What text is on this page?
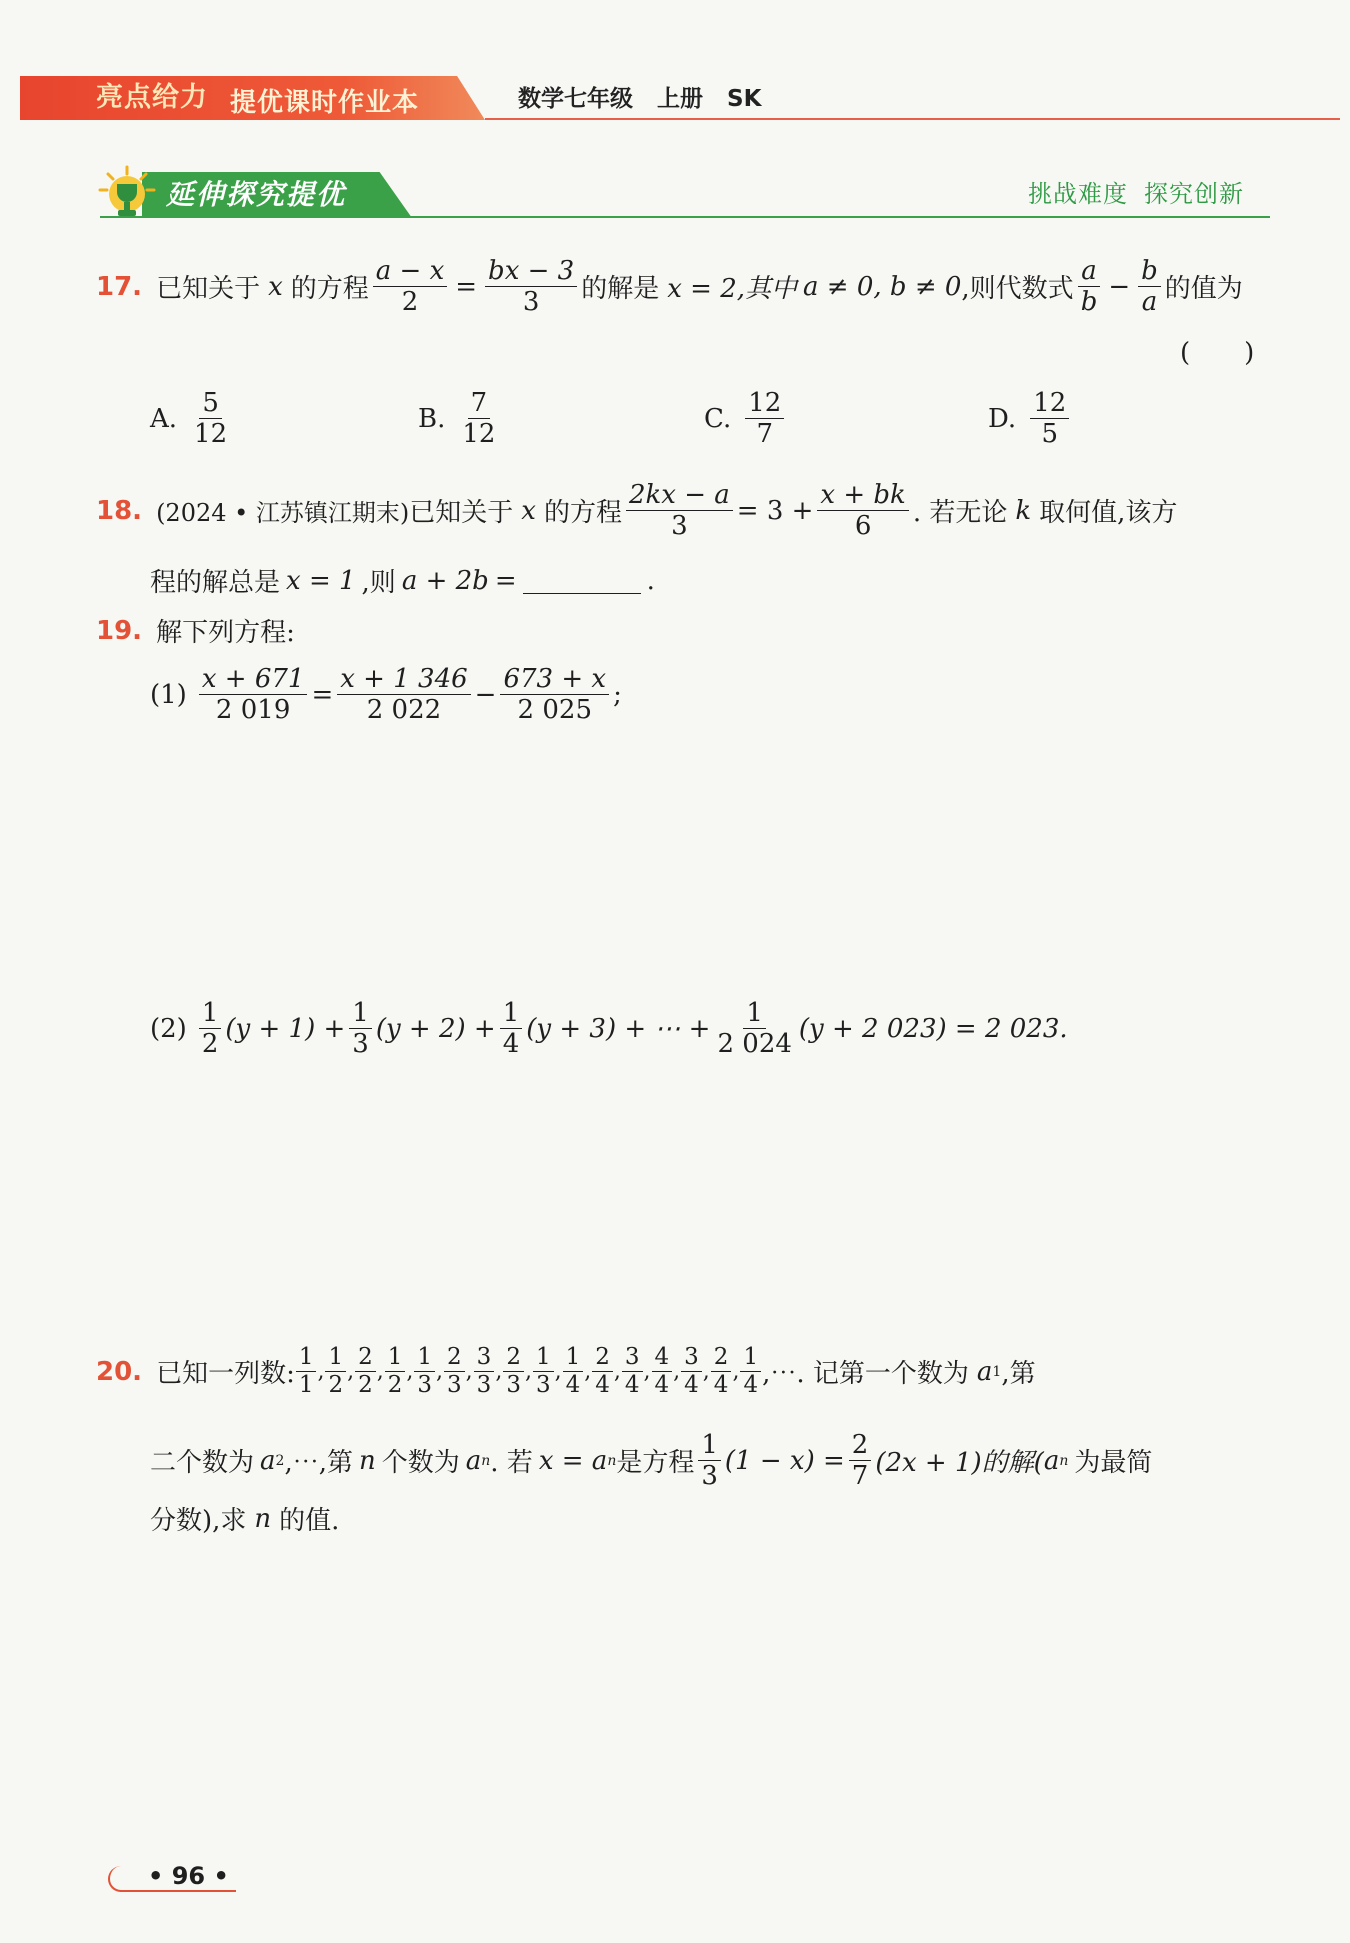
亮点给力 提优课时作业本	数学七年级 上册 SK
延伸探究提优	挑战难度 探究创新
17. 已知关于 x 的方程 $\frac{a - x}{2} = \frac{bx - 3}{3}$ 的解是 x = 2,其中 a ≠ 0, b ≠ 0 ,则代数式 $\frac{a}{b} - \frac{b}{a}$ 的值为
( )
A. $\frac{5}{12}$	B. $\frac{7}{12}$	C. $\frac{12}{7}$	D. $\frac{12}{5}$
18. (2024 • 江苏镇江期末) 已知关于 x 的方程 $\frac{2kx - a}{3} = 3 + \frac{x + bk}{6}$ . 若无论 k 取何值,该方
程的解总是 x = 1 ,则 a + 2b =	.
19. 解下列方程:
$(1) \frac{x + 671}{2 019} = \frac{x + 1 346}{2 022} - \frac{673 + x}{2 025}$ ;
$(2) \frac{1}{2} (y + 1) + \frac{1}{3} (y + 2) + \frac{1}{4} (y + 3)$ + ⋯ + $\frac{1}{2 024} (y + 2$ 023) = 2 023.
20. 已知一列数: $\frac{1}{1}$ , $\frac{1}{2}$ , $\frac{2}{2}$ , $\frac{1}{2}$ , $\frac{1}{3}$ , $\frac{2}{3}$ , $\frac{3}{3}$ , $\frac{2}{3}$ , $\frac{1}{3}$ , $\frac{1}{4}$ , $\frac{2}{4}$ , $\frac{3}{4}$ , $\frac{4}{4}$ , $\frac{3}{4}$ , $\frac{2}{4}$ , $\frac{1}{4}$ ,⋯. 记第一个数为 a 1 ,第
二个数为 a 2 ,⋯,第 n 个数为 a n . 若 x = a n 是方程 $\frac{1}{3} (1 - x) = \frac{2}{7} (2x + 1)$的解( a n 为最简
分数),求 n 的值.
• 96 •
